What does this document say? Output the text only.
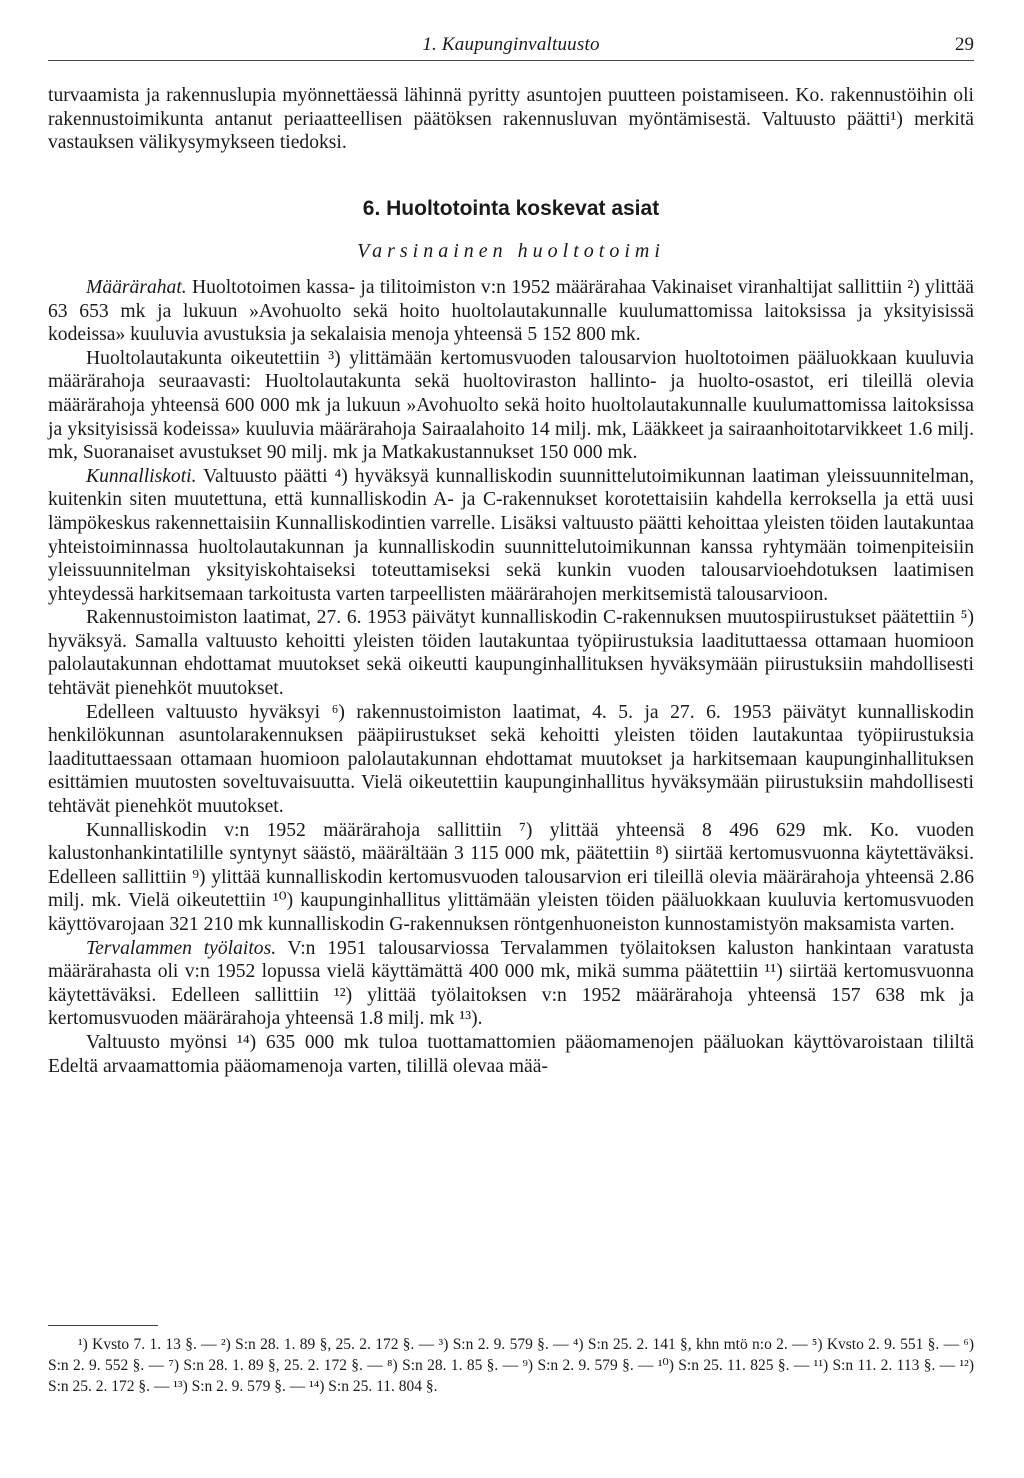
1. Kaupunginvaltuusto	29

turvaamista ja rakennuslupia myönnettäessä lähinnä pyritty asuntojen puutteen poistamiseen. Ko. rakennustöihin oli rakennustoimikunta antanut periaatteellisen päätöksen rakennusluvan myöntämisestä. Valtuusto päätti¹) merkitä vastauksen välikysymykseen tiedoksi.

6. Huoltotointa koskevat asiat
Varsinainen huoltotoimi

Määrärahat. Huoltotoimen kassa- ja tilitoimiston v:n 1952 määrärahaa Vakinaiset viranhaltijat sallittiin ²) ylittää 63 653 mk ja lukuun »Avohuolto sekä hoito huoltolautakunnalle kuulumattomissa laitoksissa ja yksityisissä kodeissa» kuuluvia avustuksia ja sekalaisia menoja yhteensä 5 152 800 mk.

Huoltolautakunta oikeutettiin ³) ylittämään kertomusvuoden talousarvion huoltotoimen pääluokkaan kuuluvia määrärahoja seuraavasti: Huoltolautakunta sekä huoltoviraston hallinto- ja huolto-osastot, eri tileillä olevia määrärahoja yhteensä 600 000 mk ja lukuun »Avohuolto sekä hoito huoltolautakunnalle kuulumattomissa laitoksissa ja yksityisissä kodeissa» kuuluvia määrärahoja Sairaalahoito 14 milj. mk, Lääkkeet ja sairaanhoitotarvikkeet 1.6 milj. mk, Suoranaiset avustukset 90 milj. mk ja Matkakustannukset 150 000 mk.

Kunnalliskoti. Valtuusto päätti ⁴) hyväksyä kunnalliskodin suunnittelutoimikunnan laatiman yleissuunnitelman, kuitenkin siten muutettuna, että kunnalliskodin A- ja C-rakennukset korotettaisiin kahdella kerroksella ja että uusi lämpökeskus rakennettaisiin Kunnalliskodintien varrelle. Lisäksi valtuusto päätti kehoittaa yleisten töiden lautakuntaa yhteistoiminnassa huoltolautakunnan ja kunnalliskodin suunnittelutoimikunnan kanssa ryhtymään toimenpiteisiin yleissuunnitelman yksityiskohtaiseksi toteuttamiseksi sekä kunkin vuoden talousarvioehdotuksen laatimisen yhteydessä harkitsemaan tarkoitusta varten tarpeellisten määrärahojen merkitsemistä talousarvioon.

Rakennustoimiston laatimat, 27. 6. 1953 päivätyt kunnalliskodin C-rakennuksen muutospiirustukset päätettiin ⁵) hyväksyä. Samalla valtuusto kehoitti yleisten töiden lautakuntaa työpiirustuksia laadituttaessa ottamaan huomioon palolautakunnan ehdottamat muutokset sekä oikeutti kaupunginhallituksen hyväksymään piirustuksiin mahdollisesti tehtävät pienehköt muutokset.

Edelleen valtuusto hyväksyi ⁶) rakennustoimiston laatimat, 4. 5. ja 27. 6. 1953 päivätyt kunnalliskodin henkilökunnan asuntolarakennuksen pääpiirustukset sekä kehoitti yleisten töiden lautakuntaa työpiirustuksia laadituttaessaan ottamaan huomioon palolautakunnan ehdottamat muutokset ja harkitsemaan kaupunginhallituksen esittämien muutosten soveltuvaisuutta. Vielä oikeutettiin kaupunginhallitus hyväksymään piirustuksiin mahdollisesti tehtävät pienehköt muutokset.

Kunnalliskodin v:n 1952 määrärahoja sallittiin ⁷) ylittää yhteensä 8 496 629 mk. Ko. vuoden kalustonhankintatilille syntynyt säästö, määrältään 3 115 000 mk, päätettiin ⁸) siirtää kertomusvuonna käytettäväksi. Edelleen sallittiin ⁹) ylittää kunnalliskodin kertomusvuoden talousarvion eri tileillä olevia määrärahoja yhteensä 2.86 milj. mk. Vielä oikeutettiin ¹⁰) kaupunginhallitus ylittämään yleisten töiden pääluokkaan kuuluvia kertomusvuoden käyttövarojaan 321 210 mk kunnalliskodin G-rakennuksen röntgenhuoneiston kunnostamistyön maksamista varten.

Tervalammen työlaitos. V:n 1951 talousarviossa Tervalammen työlaitoksen kaluston hankintaan varatusta määrärahasta oli v:n 1952 lopussa vielä käyttämättä 400 000 mk, mikä summa päätettiin ¹¹) siirtää kertomusvuonna käytettäväksi. Edelleen sallittiin ¹²) ylittää työlaitoksen v:n 1952 määrärahoja yhteensä 157 638 mk ja kertomusvuoden määrärahoja yhteensä 1.8 milj. mk ¹³).

Valtuusto myönsi ¹⁴) 635 000 mk tuloa tuottamattomien pääomamenojen pääluokan käyttövaroistaan tililtä Edeltä arvaamattomia pääomamenoja varten, tilillä olevaa mää-

¹) Kvsto 7. 1. 13 §. — ²) S:n 28. 1. 89 §, 25. 2. 172 §. — ³) S:n 2. 9. 579 §. — ⁴) S:n 25. 2. 141 §, khn mtö n:o 2. — ⁵) Kvsto 2. 9. 551 §. — ⁶) S:n 2. 9. 552 §. — ⁷) S:n 28. 1. 89 §, 25. 2. 172 §. — ⁸) S:n 28. 1. 85 §. — ⁹) S:n 2. 9. 579 §. — ¹⁰) S:n 25. 11. 825 §. — ¹¹) S:n 11. 2. 113 §. — ¹²) S:n 25. 2. 172 §. — ¹³) S:n 2. 9. 579 §. — ¹⁴) S:n 25. 11. 804 §.
